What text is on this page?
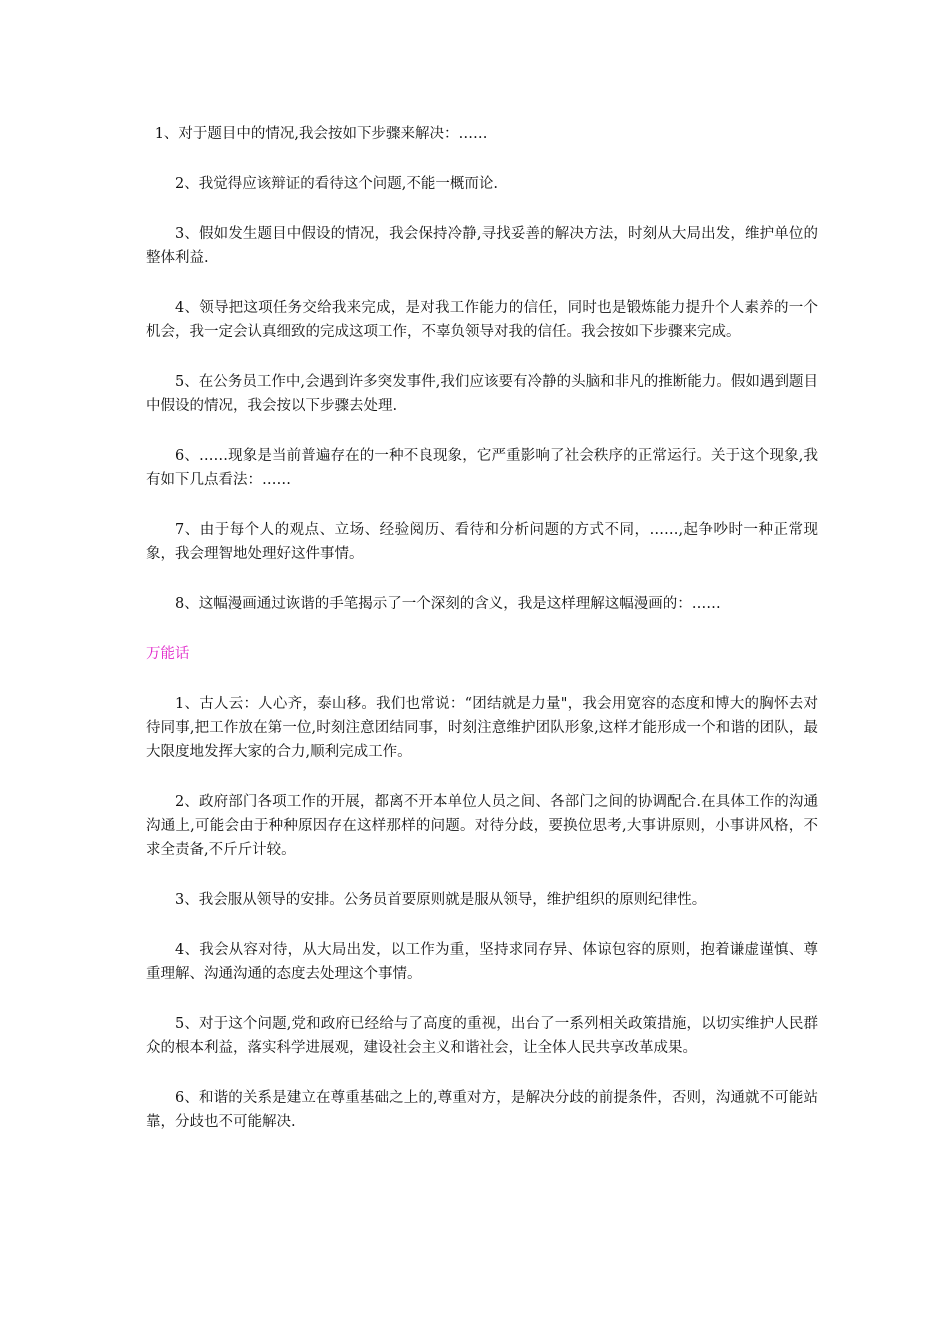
1、对于题目中的情况,我会按如下步骤来解决：……

2、我觉得应该辩证的看待这个问题,不能一概而论.

3、假如发生题目中假设的情况，我会保持冷静,寻找妥善的解决方法，时刻从大局出发，维护单位的整体利益.

4、领导把这项任务交给我来完成，是对我工作能力的信任，同时也是锻炼能力提升个人素养的一个机会，我一定会认真细致的完成这项工作，不辜负领导对我的信任。我会按如下步骤来完成。

5、在公务员工作中,会遇到许多突发事件,我们应该要有冷静的头脑和非凡的推断能力。假如遇到题目中假设的情况，我会按以下步骤去处理.

6、……现象是当前普遍存在的一种不良现象，它严重影响了社会秩序的正常运行。关于这个现象,我有如下几点看法：……

7、由于每个人的观点、立场、经验阅历、看待和分析问题的方式不同，……,起争吵时一种正常现象，我会理智地处理好这件事情。

8、这幅漫画通过诙谐的手笔揭示了一个深刻的含义，我是这样理解这幅漫画的：……

万能话

1、古人云：人心齐，泰山移。我们也常说：“团结就是力量"，我会用宽容的态度和博大的胸怀去对待同事,把工作放在第一位,时刻注意团结同事，时刻注意维护团队形象,这样才能形成一个和谐的团队，最大限度地发挥大家的合力,顺利完成工作。

2、政府部门各项工作的开展，都离不开本单位人员之间、各部门之间的协调配合.在具体工作的沟通沟通上,可能会由于种种原因存在这样那样的问题。对待分歧，要换位思考,大事讲原则，小事讲风格，不求全责备,不斤斤计较。

3、我会服从领导的安排。公务员首要原则就是服从领导，维护组织的原则纪律性。

4、我会从容对待，从大局出发，以工作为重，坚持求同存异、体谅包容的原则，抱着谦虚谨慎、尊重理解、沟通沟通的态度去处理这个事情。

5、对于这个问题,党和政府已经给与了高度的重视，出台了一系列相关政策措施，以切实维护人民群众的根本利益，落实科学进展观，建设社会主义和谐社会，让全体人民共享改革成果。

6、和谐的关系是建立在尊重基础之上的,尊重对方，是解决分歧的前提条件，否则，沟通就不可能站靠，分歧也不可能解决.
